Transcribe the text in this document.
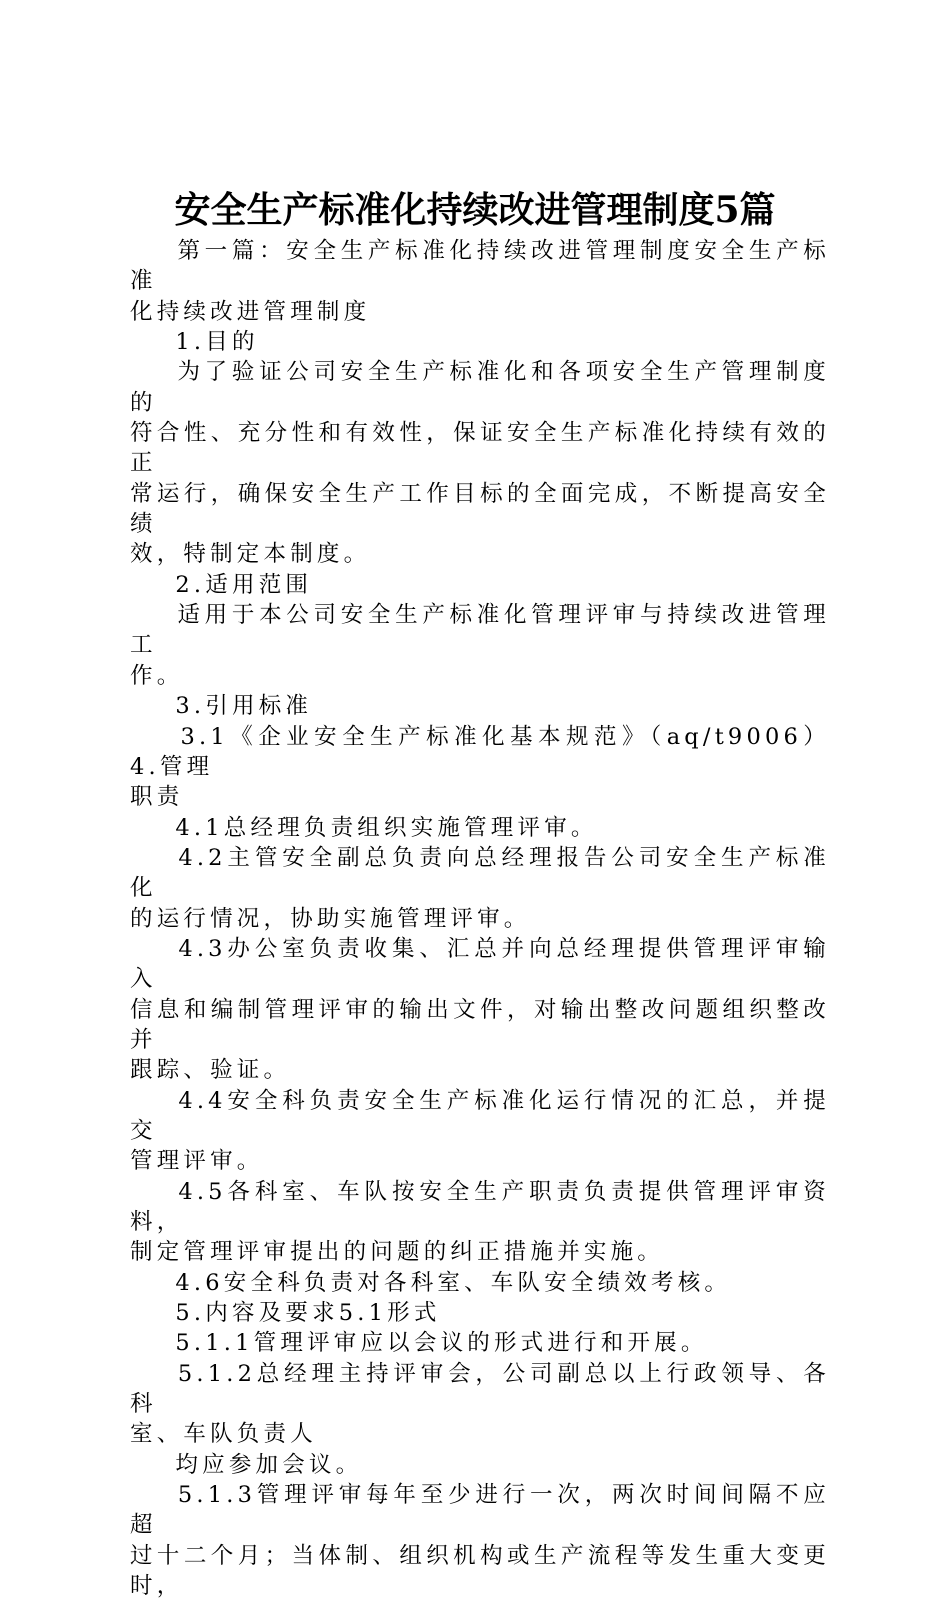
安全生产标准化持续改进管理制度5篇

第一篇：安全生产标准化持续改进管理制度安全生产标准

化持续改进管理制度

1.目的

为了验证公司安全生产标准化和各项安全生产管理制度的

符合性、充分性和有效性，保证安全生产标准化持续有效的正

常运行，确保安全生产工作目标的全面完成，不断提高安全绩

效，特制定本制度。

2.适用范围

适用于本公司安全生产标准化管理评审与持续改进管理工

作。

3.引用标准

3.1《企业安全生产标准化基本规范》（aq/t9006）4.管理

职责

4.1总经理负责组织实施管理评审。

4.2主管安全副总负责向总经理报告公司安全生产标准化

的运行情况，协助实施管理评审。

4.3办公室负责收集、汇总并向总经理提供管理评审输入

信息和编制管理评审的输出文件，对输出整改问题组织整改并

跟踪、验证。

4.4安全科负责安全生产标准化运行情况的汇总，并提交

管理评审。

4.5各科室、车队按安全生产职责负责提供管理评审资料，

制定管理评审提出的问题的纠正措施并实施。

4.6安全科负责对各科室、车队安全绩效考核。

5.内容及要求5.1形式

5.1.1管理评审应以会议的形式进行和开展。

5.1.2总经理主持评审会，公司副总以上行政领导、各科

室、车队负责人

均应参加会议。

5.1.3管理评审每年至少进行一次，两次时间间隔不应超

过十二个月；当体制、组织机构或生产流程等发生重大变更时，
